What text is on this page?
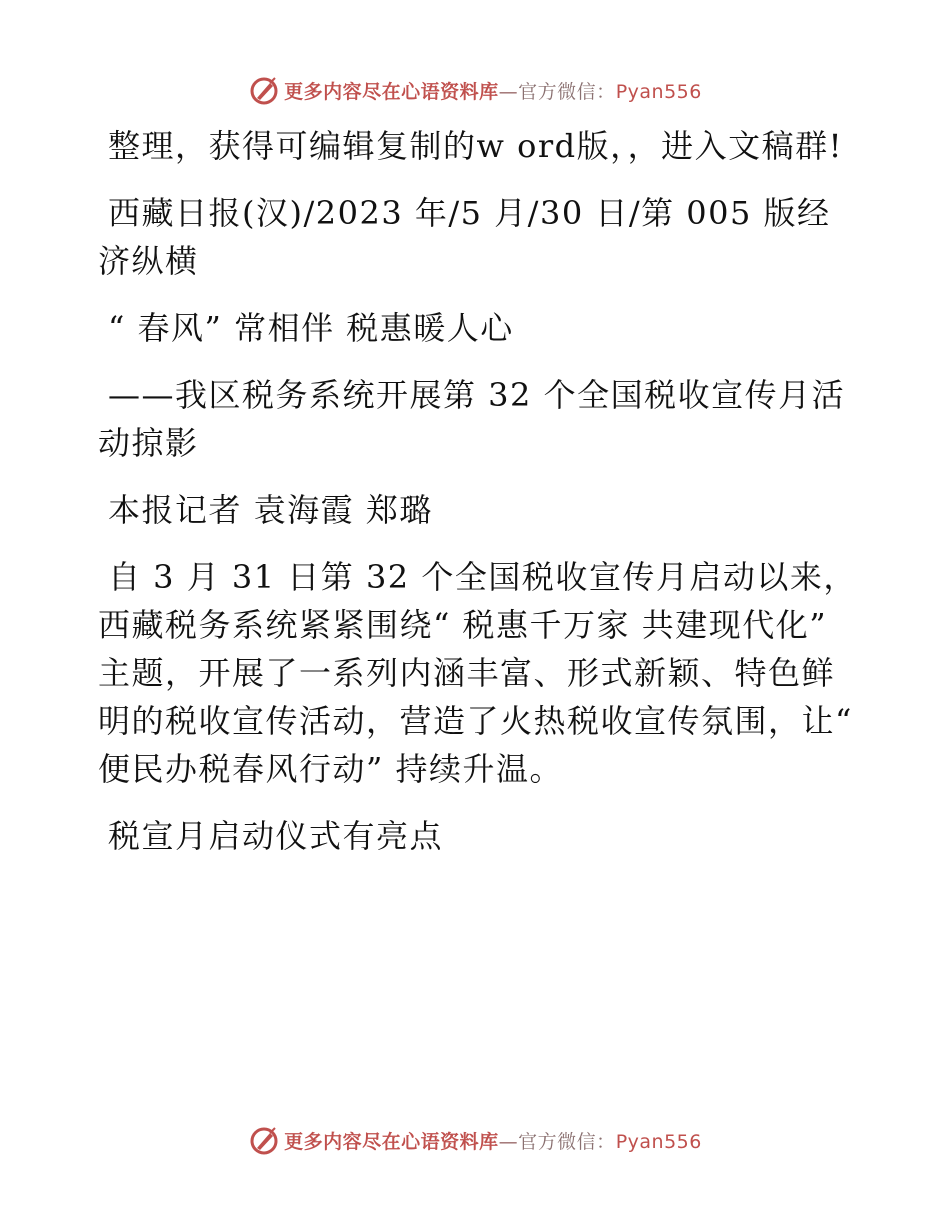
更多内容尽在心语资料库—官方微信：Pyan556

整理，获得可编辑复制的w ord版，，进入文稿群!

西藏日报(汉)/2023 年/5 月/30 日/第 005 版经济纵横

“ 春风” 常相伴 税惠暖人心

——我区税务系统开展第 32 个全国税收宣传月活动掠影

本报记者 袁海霞 郑璐

自 3 月 31 日第 32 个全国税收宣传月启动以来，西藏税务系统紧紧围绕“ 税惠千万家 共建现代化” 主题，开展了一系列内涵丰富、形式新颖、特色鲜明的税收宣传活动，营造了火热税收宣传氛围，让“ 便民办税春风行动” 持续升温。

税宣月启动仪式有亮点

更多内容尽在心语资料库—官方微信：Pyan556
